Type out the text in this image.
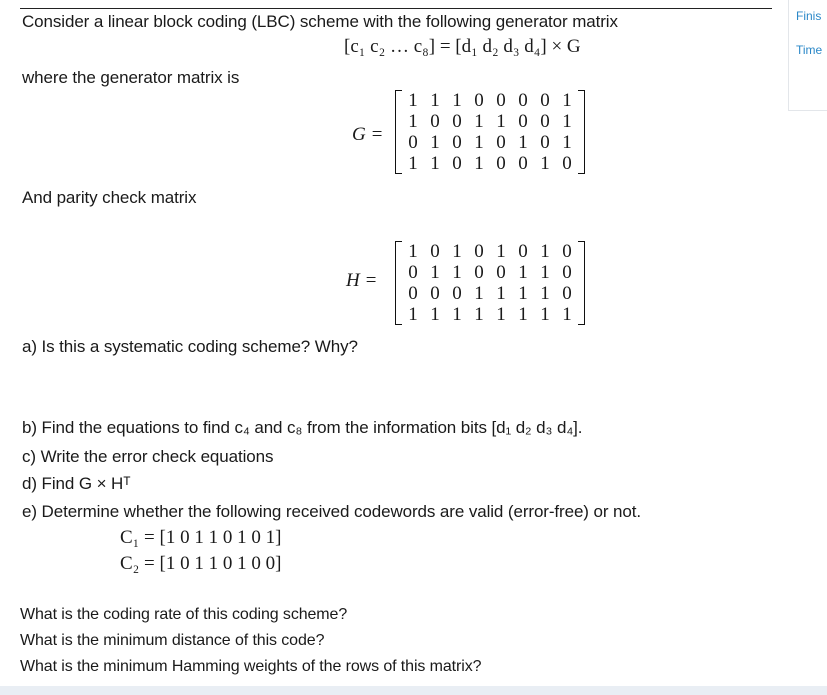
Consider a linear block coding (LBC) scheme with the following generator matrix
[c₁ c₂ … c₈] = [d₁ d₂ d₃ d₄] × G
where the generator matrix is
G =
1 1 1 0 0 0 0 1
1 0 0 1 1 0 0 1
0 1 0 1 0 1 0 1
1 1 0 1 0 0 1 0
And parity check matrix
H =
1 0 1 0 1 0 1 0
0 1 1 0 0 1 1 0
0 0 0 1 1 1 1 0
1 1 1 1 1 1 1 1
a) Is this a systematic coding scheme? Why?
b) Find the equations to find c₄ and c₈ from the information bits [d₁ d₂ d₃ d₄].
c) Write the error check equations
d) Find G × Hᵀ
e) Determine whether the following received codewords are valid (error-free) or not.
C₁ = [1 0 1 1 0 1 0 1]
C₂ = [1 0 1 1 0 1 0 0]
What is the coding rate of this coding scheme?
What is the minimum distance of this code?
What is the minimum Hamming weights of the rows of this matrix?
Finis
Time
